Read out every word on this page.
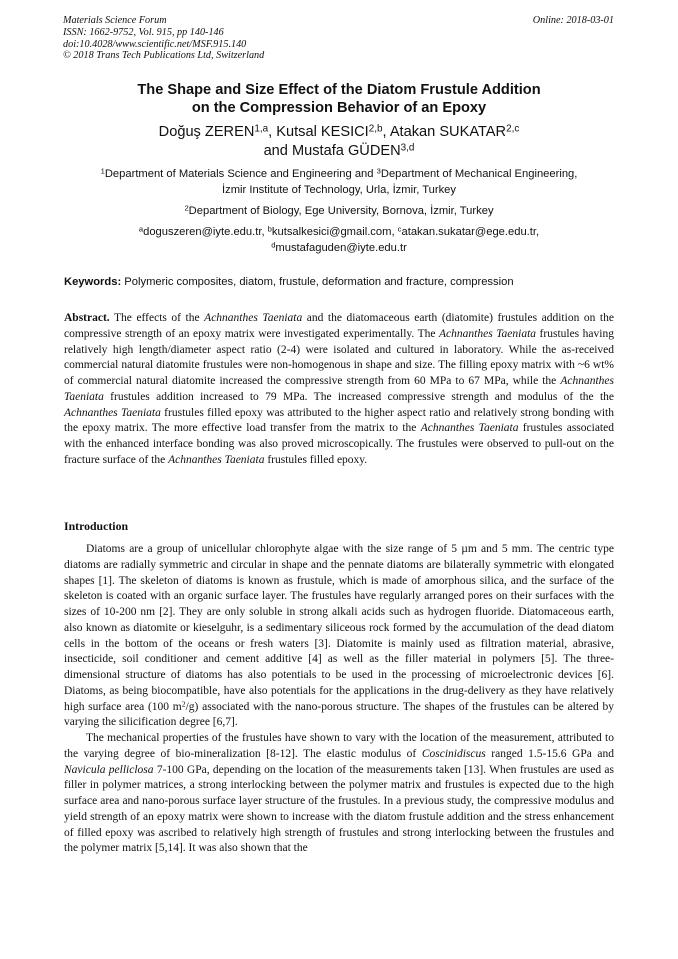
Materials Science Forum
ISSN: 1662-9752, Vol. 915, pp 140-146
doi:10.4028/www.scientific.net/MSF.915.140
© 2018 Trans Tech Publications Ltd, Switzerland
Online: 2018-03-01
The Shape and Size Effect of the Diatom Frustule Addition
on the Compression Behavior of an Epoxy
Doğuş ZEREN$^{1,a}$, Kutsal KESICI$^{2,b}$, Atakan SUKATAR$^{2,c}$
and Mustafa GÜDEN$^{3,d}$
$^1$Department of Materials Science and Engineering and $^3$Department of Mechanical Engineering,
İzmir Institute of Technology, Urla, İzmir, Turkey
$^2$Department of Biology, Ege University, Bornova, İzmir, Turkey
$^a$doguszeren@iyte.edu.tr, $^b$kutsalkesici@gmail.com, $^c$atakan.sukatar@ege.edu.tr,
$^d$mustafaguden@iyte.edu.tr
Keywords: Polymeric composites, diatom, frustule, deformation and fracture, compression
Abstract. The effects of the Achnanthes Taeniata and the diatomaceous earth (diatomite) frustules addition on the compressive strength of an epoxy matrix were investigated experimentally. The Achnanthes Taeniata frustules having relatively high length/diameter aspect ratio (2-4) were isolated and cultured in laboratory. While the as-received commercial natural diatomite frustules were non-homogenous in shape and size. The filling epoxy matrix with ~6 wt% of commercial natural diatomite increased the compressive strength from 60 MPa to 67 MPa, while the Achnanthes Taeniata frustules addition increased to 79 MPa. The increased compressive strength and modulus of the the Achnanthes Taeniata frustules filled epoxy was attributed to the higher aspect ratio and relatively strong bonding with the epoxy matrix. The more effective load transfer from the matrix to the Achnanthes Taeniata frustules associated with the enhanced interface bonding was also proved microscopically. The frustules were observed to pull-out on the fracture surface of the Achnanthes Taeniata frustules filled epoxy.
Introduction
Diatoms are a group of unicellular chlorophyte algae with the size range of 5 µm and 5 mm. The centric type diatoms are radially symmetric and circular in shape and the pennate diatoms are bilaterally symmetric with elongated shapes [1]. The skeleton of diatoms is known as frustule, which is made of amorphous silica, and the surface of the skeleton is coated with an organic surface layer. The frustules have regularly arranged pores on their surfaces with the sizes of 10-200 nm [2]. They are only soluble in strong alkali acids such as hydrogen fluoride. Diatomaceous earth, also known as diatomite or kieselguhr, is a sedimentary siliceous rock formed by the accumulation of the dead diatom cells in the bottom of the oceans or fresh waters [3]. Diatomite is mainly used as filtration material, abrasive, insecticide, soil conditioner and cement additive [4] as well as the filler material in polymers [5]. The three-dimensional structure of diatoms has also potentials to be used in the processing of microelectronic devices [6]. Diatoms, as being biocompatible, have also potentials for the applications in the drug-delivery as they have relatively high surface area (100 $m^2/g$) associated with the nano-porous structure. The shapes of the frustules can be altered by varying the silicification degree [6,7].
The mechanical properties of the frustules have shown to vary with the location of the measurement, attributed to the varying degree of bio-mineralization [8-12]. The elastic modulus of Coscinidiscus ranged 1.5-15.6 GPa and Navicula pelliclosa 7-100 GPa, depending on the location of the measurements taken [13]. When frustules are used as filler in polymer matrices, a strong interlocking between the polymer matrix and frustules is expected due to the high surface area and nano-porous surface layer structure of the frustules. In a previous study, the compressive modulus and yield strength of an epoxy matrix were shown to increase with the diatom frustule addition and the stress enhancement of filled epoxy was ascribed to relatively high strength of frustules and strong interlocking between the frustules and the polymer matrix [5,14]. It was also shown that the
